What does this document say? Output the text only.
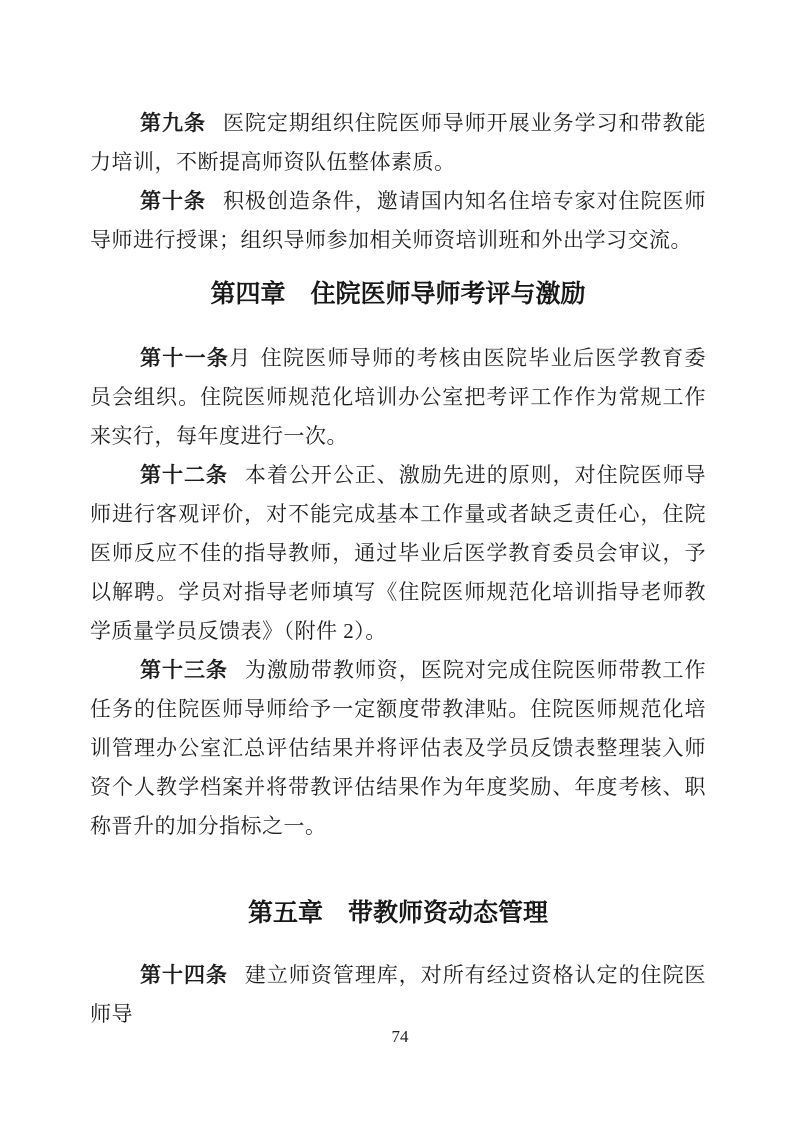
第九条 医院定期组织住院医师导师开展业务学习和带教能力培训，不断提高师资队伍整体素质。

第十条 积极创造条件，邀请国内知名住培专家对住院医师导师进行授课；组织导师参加相关师资培训班和外出学习交流。

第四章　住院医师导师考评与激励

第十一条月 住院医师导师的考核由医院毕业后医学教育委员会组织。住院医师规范化培训办公室把考评工作作为常规工作来实行，每年度进行一次。

第十二条 本着公开公正、激励先进的原则，对住院医师导师进行客观评价，对不能完成基本工作量或者缺乏责任心，住院医师反应不佳的指导教师，通过毕业后医学教育委员会审议，予以解聘。学员对指导老师填写《住院医师规范化培训指导老师教学质量学员反馈表》（附件 2）。

第十三条 为激励带教师资，医院对完成住院医师带教工作任务的住院医师导师给予一定额度带教津贴。住院医师规范化培训管理办公室汇总评估结果并将评估表及学员反馈表整理装入师资个人教学档案并将带教评估结果作为年度奖励、年度考核、职称晋升的加分指标之一。

第五章　带教师资动态管理

第十四条 建立师资管理库，对所有经过资格认定的住院医师导

74
